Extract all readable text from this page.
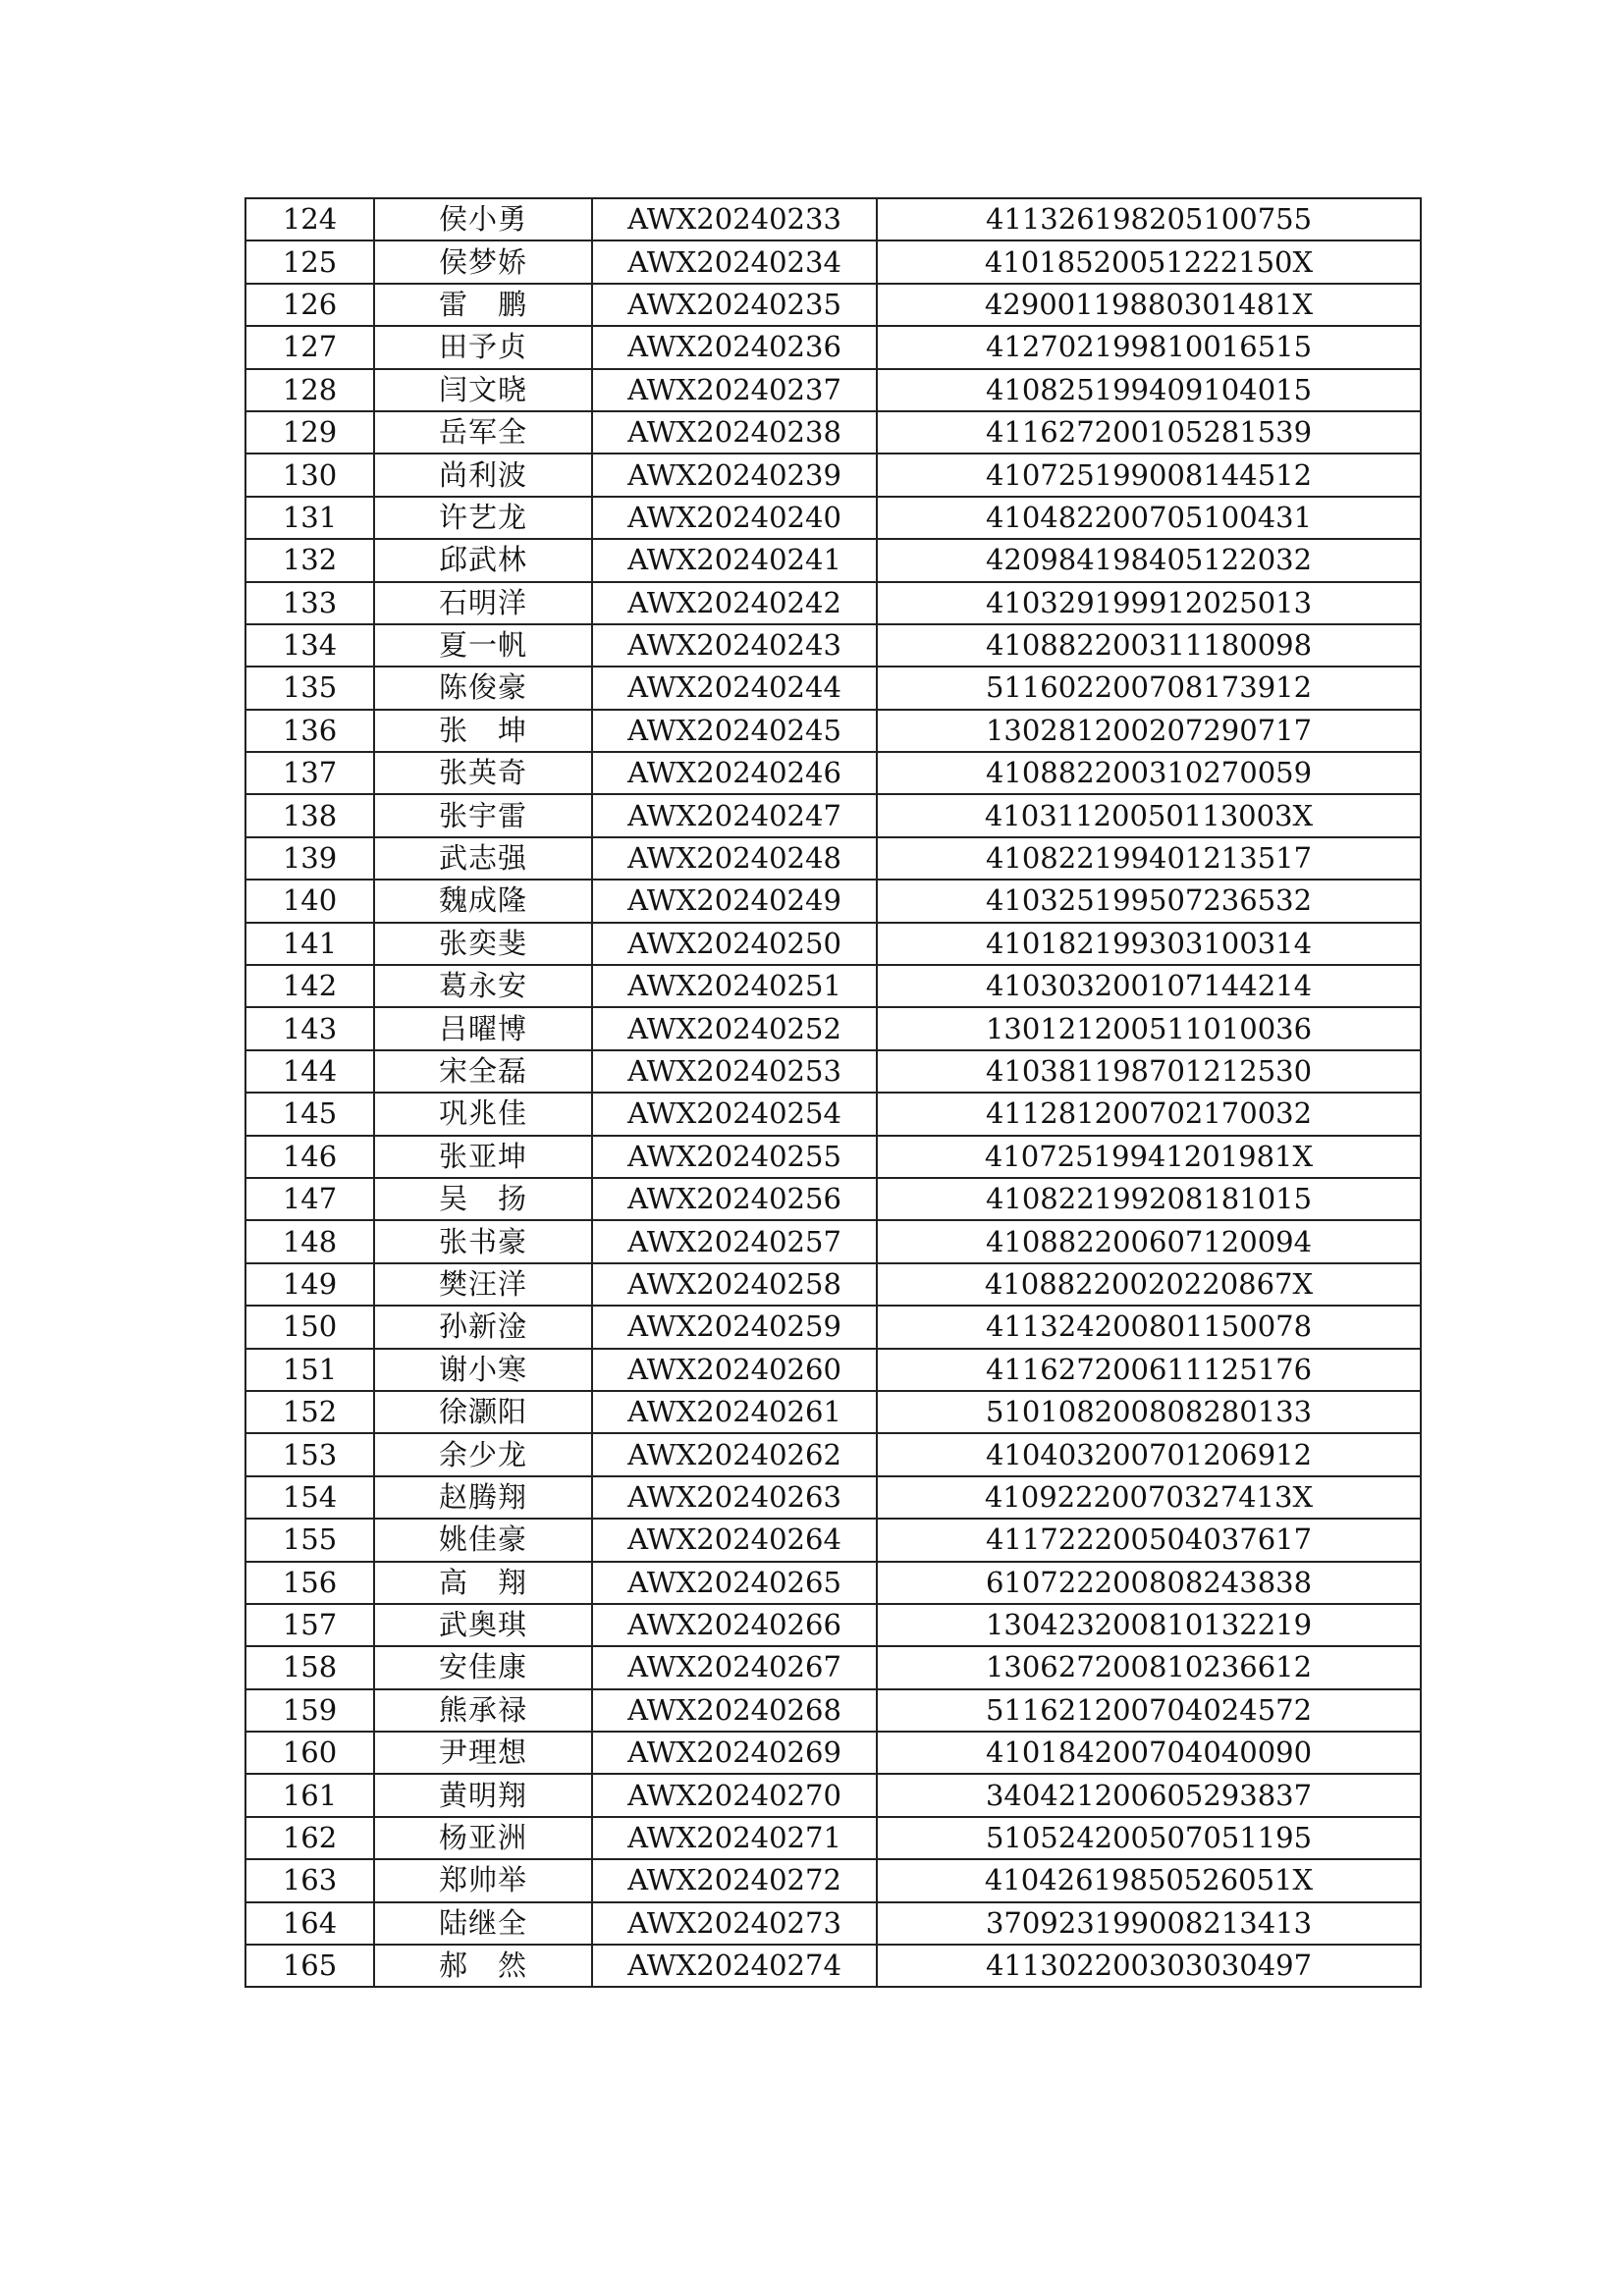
124	侯小勇	AWX20240233	411326198205100755
125	侯梦娇	AWX20240234	41018520051222150X
126	雷　鹏	AWX20240235	42900119880301481X
127	田予贞	AWX20240236	412702199810016515
128	闫文晓	AWX20240237	410825199409104015
129	岳军全	AWX20240238	411627200105281539
130	尚利波	AWX20240239	410725199008144512
131	许艺龙	AWX20240240	410482200705100431
132	邱武林	AWX20240241	420984198405122032
133	石明洋	AWX20240242	410329199912025013
134	夏一帆	AWX20240243	410882200311180098
135	陈俊豪	AWX20240244	511602200708173912
136	张　坤	AWX20240245	130281200207290717
137	张英奇	AWX20240246	410882200310270059
138	张宇雷	AWX20240247	41031120050113003X
139	武志强	AWX20240248	410822199401213517
140	魏成隆	AWX20240249	410325199507236532
141	张奕斐	AWX20240250	410182199303100314
142	葛永安	AWX20240251	410303200107144214
143	吕曜博	AWX20240252	130121200511010036
144	宋全磊	AWX20240253	410381198701212530
145	巩兆佳	AWX20240254	411281200702170032
146	张亚坤	AWX20240255	41072519941201981X
147	吴　扬	AWX20240256	410822199208181015
148	张书豪	AWX20240257	410882200607120094
149	樊汪洋	AWX20240258	41088220020220867X
150	孙新淦	AWX20240259	411324200801150078
151	谢小寒	AWX20240260	411627200611125176
152	徐灏阳	AWX20240261	510108200808280133
153	余少龙	AWX20240262	410403200701206912
154	赵腾翔	AWX20240263	41092220070327413X
155	姚佳豪	AWX20240264	411722200504037617
156	高　翔	AWX20240265	610722200808243838
157	武奥琪	AWX20240266	130423200810132219
158	安佳康	AWX20240267	130627200810236612
159	熊承禄	AWX20240268	511621200704024572
160	尹理想	AWX20240269	410184200704040090
161	黄明翔	AWX20240270	340421200605293837
162	杨亚洲	AWX20240271	510524200507051195
163	郑帅举	AWX20240272	41042619850526051X
164	陆继全	AWX20240273	370923199008213413
165	郝　然	AWX20240274	411302200303030497
